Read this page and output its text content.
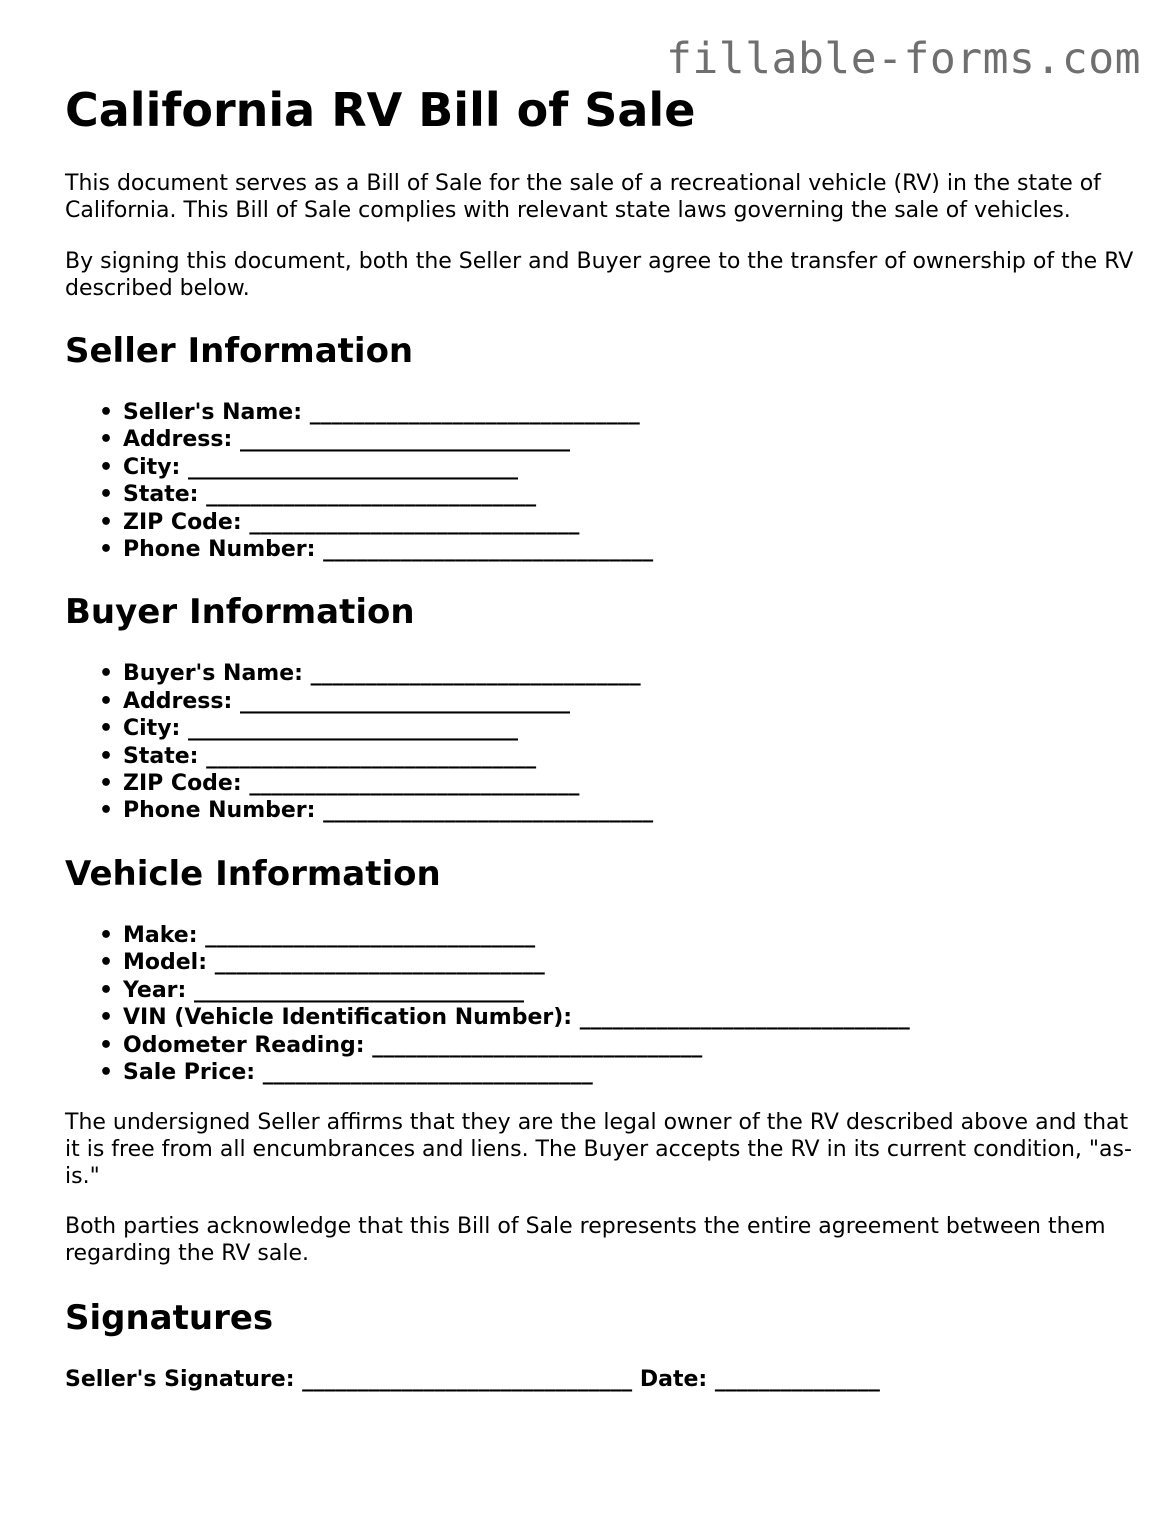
fillable-forms.com
California RV Bill of Sale

This document serves as a Bill of Sale for the sale of a recreational vehicle (RV) in the state of California. This Bill of Sale complies with relevant state laws governing the sale of vehicles.

By signing this document, both the Seller and Buyer agree to the transfer of ownership of the RV described below.

Seller Information
• Seller's Name: ______________________________
• Address: ______________________________
• City: ______________________________
• State: ______________________________
• ZIP Code: ______________________________
• Phone Number: ______________________________
Buyer Information
• Buyer's Name: ______________________________
• Address: ______________________________
• City: ______________________________
• State: ______________________________
• ZIP Code: ______________________________
• Phone Number: ______________________________
Vehicle Information
• Make: ______________________________
• Model: ______________________________
• Year: ______________________________
• VIN (Vehicle Identification Number): ______________________________
• Odometer Reading: ______________________________
• Sale Price: ______________________________

The undersigned Seller affirms that they are the legal owner of the RV described above and that it is free from all encumbrances and liens. The Buyer accepts the RV in its current condition, "as-is."

Both parties acknowledge that this Bill of Sale represents the entire agreement between them regarding the RV sale.

Signatures
Seller's Signature: ______________________________ Date: _______________
